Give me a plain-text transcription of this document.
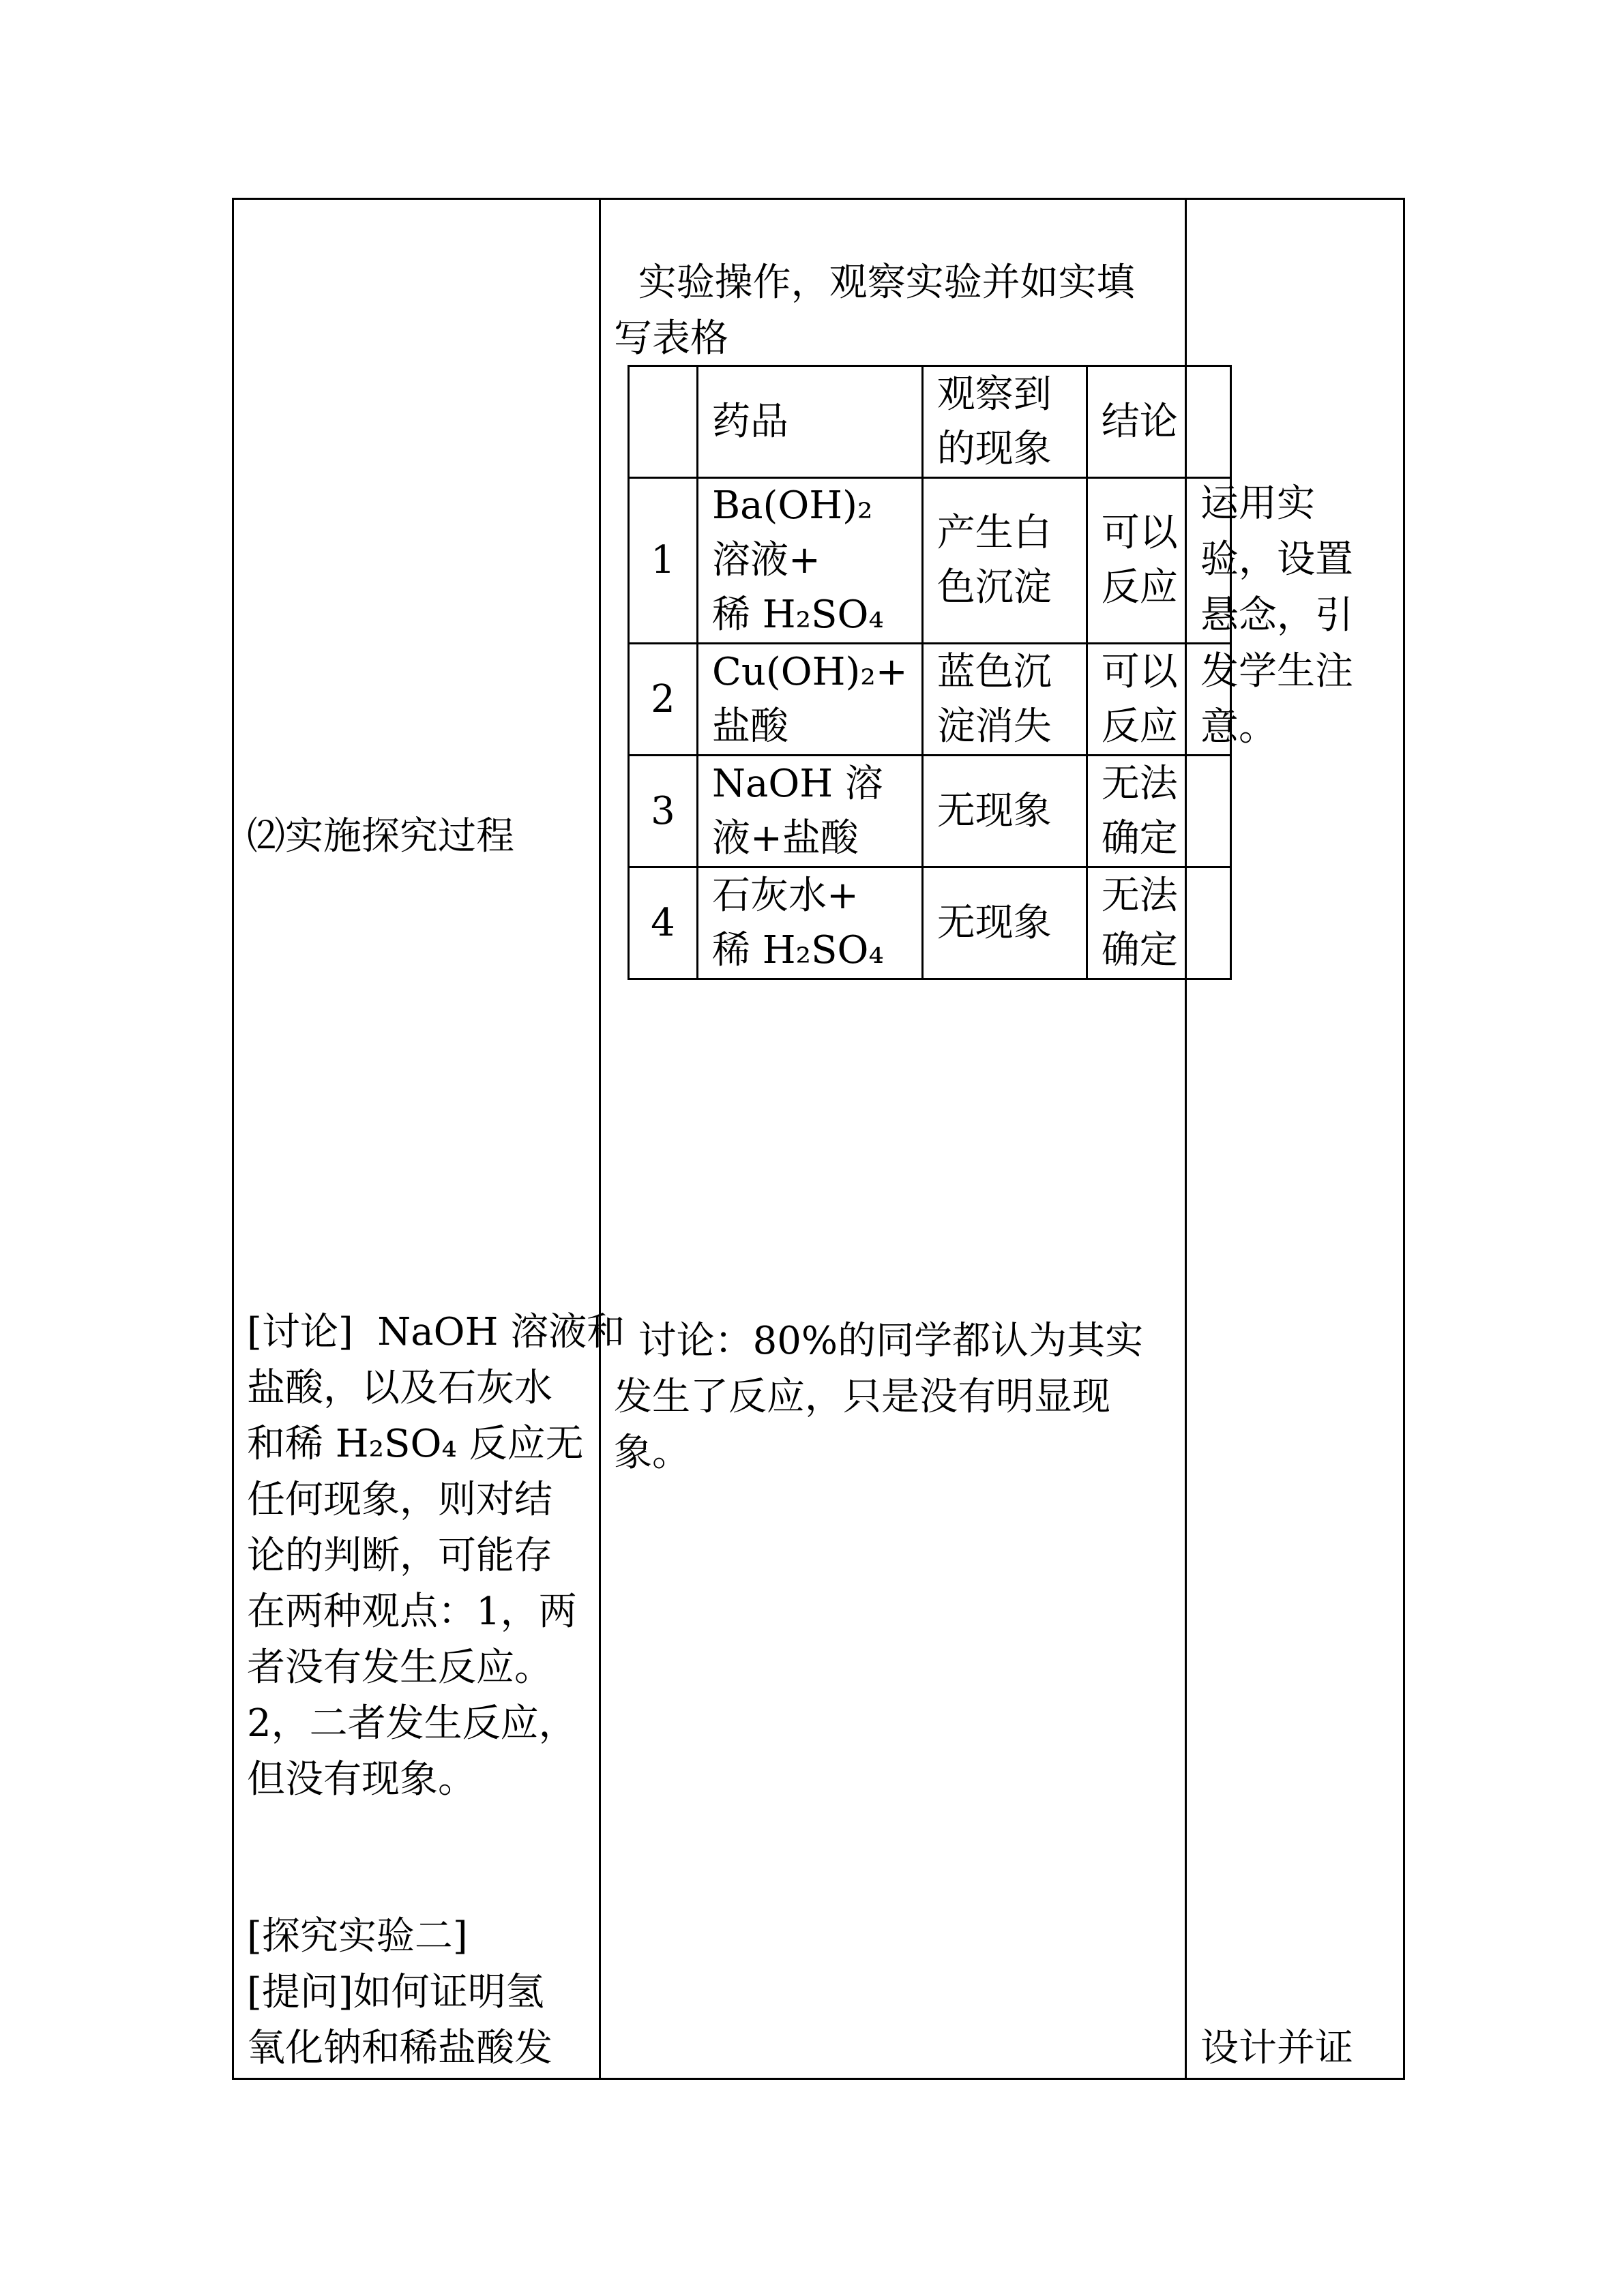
⑵实施探究过程
[讨论]  NaOH 溶液和
盐酸，以及石灰水
和稀 H₂SO₄ 反应无
任何现象，则对结
论的判断，可能存
在两种观点：1，两
者没有发生反应。
2，二者发生反应，
但没有现象。
[探究实验二]
[提问]如何证明氢
氧化钠和稀盐酸发
实验操作，观察实验并如实填
写表格
	药品	观察到
的现象	结论
1	Ba(OH)₂
溶液+
稀 H₂SO₄	产生白
色沉淀	可以
反应
2	Cu(OH)₂+
盐酸	蓝色沉
淀消失	可以
反应
3	NaOH 溶
液+盐酸	无现象	无法
确定
4	石灰水+
稀 H₂SO₄	无现象	无法
确定
讨论：80%的同学都认为其实
发生了反应，只是没有明显现
象。
运用实
验，设置
悬念，引
发学生注
意。
设计并证
